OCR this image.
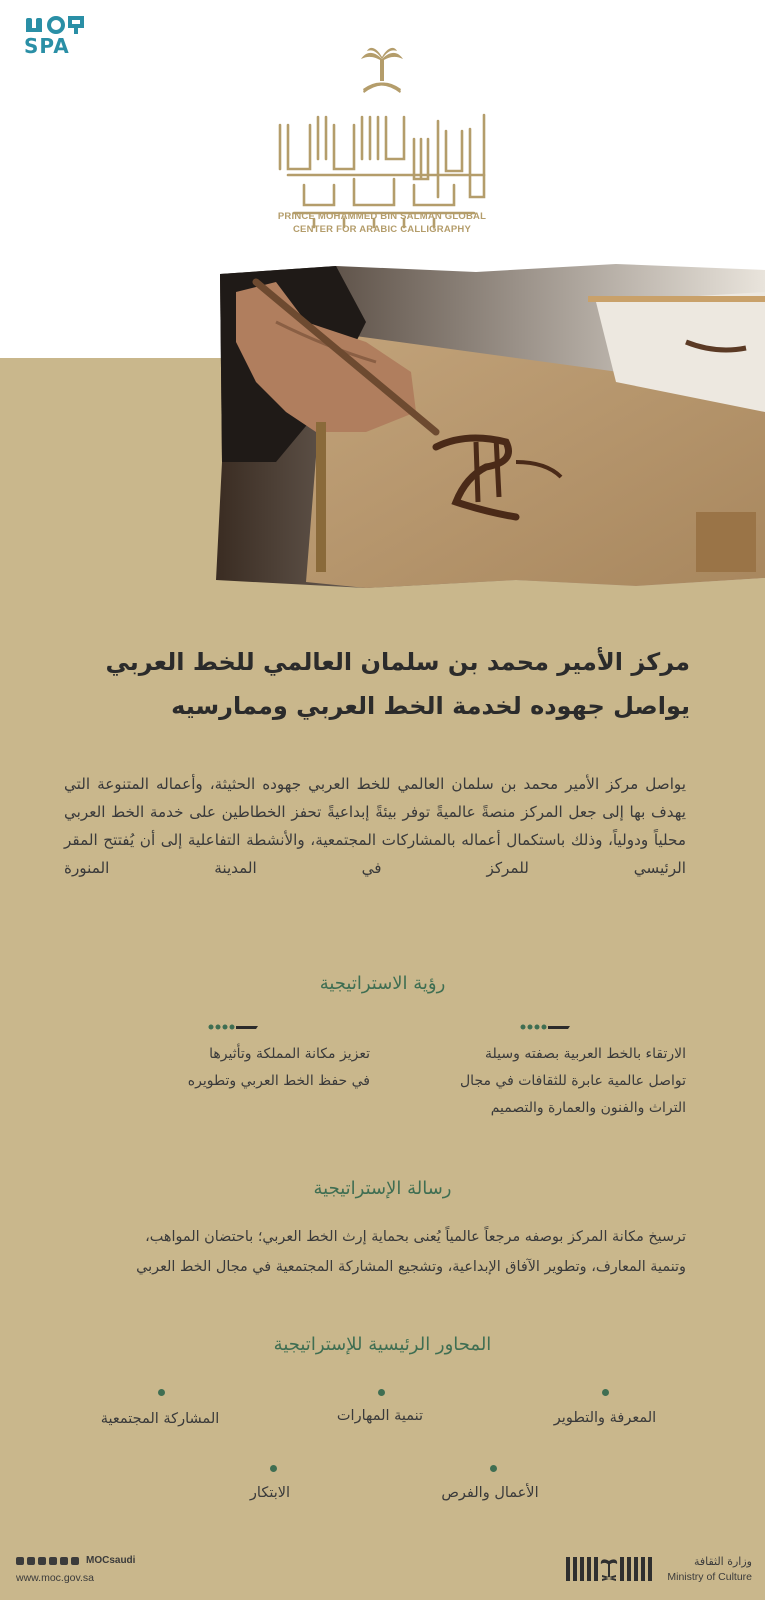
SPA
PRINCE MOHAMMED BIN SALMAN GLOBAL
CENTER FOR ARABIC CALLIGRAPHY
مركز الأمير محمد بن سلمان العالمي للخط العربي
يواصل جهوده لخدمة الخط العربي وممارسيه

يواصل مركز الأمير محمد بن سلمان العالمي للخط العربي جهوده الحثيثة، وأعماله المتنوعة التي يهدف بها إلى جعل المركز منصةً عالميةً توفر بيئةً إبداعيةً تحفز الخطاطين على خدمة الخط العربي محلياً ودولياً، وذلك باستكمال أعماله بالمشاركات المجتمعية، والأنشطة التفاعلية إلى أن يُفتتح المقر الرئيسي للمركز في المدينة المنورة

رؤية الاستراتيجية
الارتقاء بالخط العربية بصفته وسيلة
تواصل عالمية عابرة للثقافات في مجال
التراث والفنون والعمارة والتصميم
تعزيز مكانة المملكة وتأثيرها
في حفظ الخط العربي وتطويره
رسالة الإستراتيجية
ترسيخ مكانة المركز بوصفه مرجعاً عالمياً يُعنى بحماية إرث الخط العربي؛ باحتضان المواهب،
وتنمية المعارف، وتطوير الآفاق الإبداعية، وتشجيع المشاركة المجتمعية في مجال الخط العربي
المحاور الرئيسية للإستراتيجية
المعرفة والتطوير
تنمية المهارات
المشاركة المجتمعية
الأعمال والفرص
الابتكار
MOCsaudi
www.moc.gov.sa
وزارة الثقافة
Ministry of Culture
